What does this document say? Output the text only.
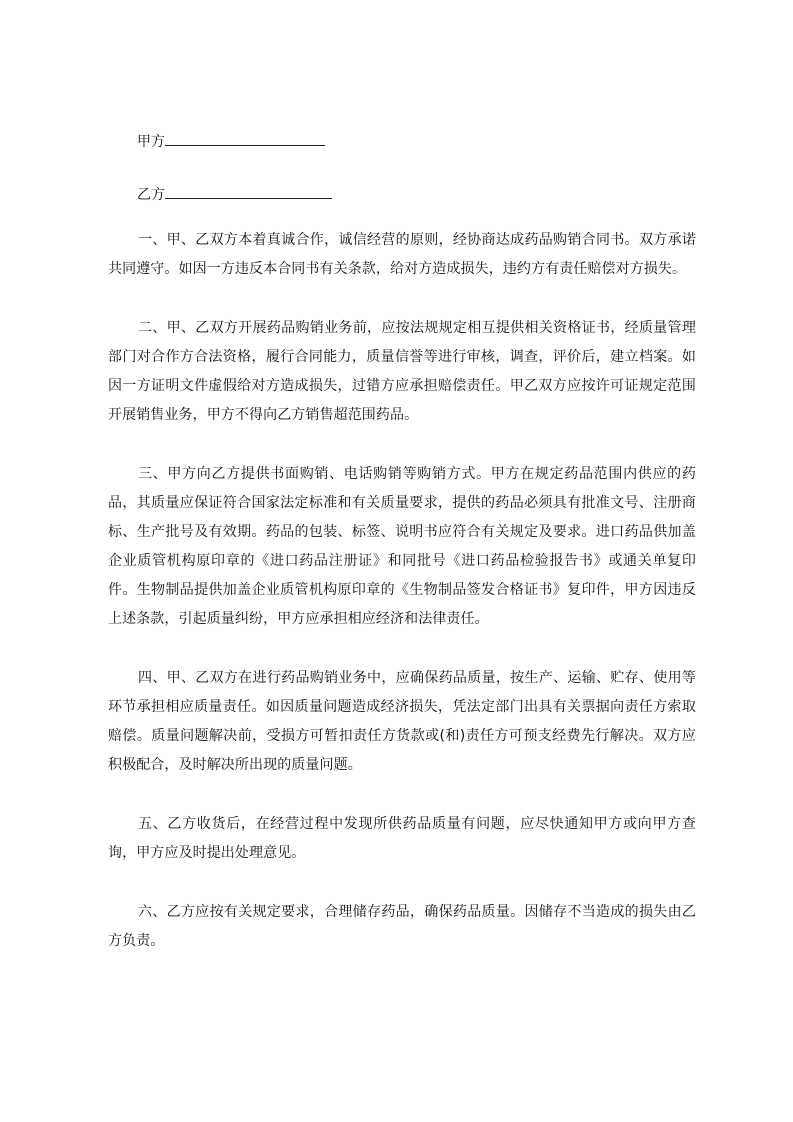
甲方
乙方

一、甲、乙双方本着真诚合作，诚信经营的原则，经协商达成药品购销合同书。双方承诺共同遵守。如因一方违反本合同书有关条款，给对方造成损失，违约方有责任赔偿对方损失。

二、甲、乙双方开展药品购销业务前，应按法规规定相互提供相关资格证书，经质量管理部门对合作方合法资格，履行合同能力，质量信誉等进行审核，调查，评价后，建立档案。如因一方证明文件虚假给对方造成损失，过错方应承担赔偿责任。甲乙双方应按许可证规定范围开展销售业务，甲方不得向乙方销售超范围药品。

三、甲方向乙方提供书面购销、电话购销等购销方式。甲方在规定药品范围内供应的药品，其质量应保证符合国家法定标准和有关质量要求，提供的药品必须具有批准文号、注册商标、生产批号及有效期。药品的包装、标签、说明书应符合有关规定及要求。进口药品供加盖企业质管机构原印章的《进口药品注册证》和同批号《进口药品检验报告书》或通关单复印件。生物制品提供加盖企业质管机构原印章的《生物制品签发合格证书》复印件，甲方因违反上述条款，引起质量纠纷，甲方应承担相应经济和法律责任。

四、甲、乙双方在进行药品购销业务中，应确保药品质量，按生产、运输、贮存、使用等环节承担相应质量责任。如因质量问题造成经济损失，凭法定部门出具有关票据向责任方索取赔偿。质量问题解决前，受损方可暂扣责任方货款或(和)责任方可预支经费先行解决。双方应积极配合，及时解决所出现的质量问题。

五、乙方收货后，在经营过程中发现所供药品质量有问题，应尽快通知甲方或向甲方查询，甲方应及时提出处理意见。

六、乙方应按有关规定要求，合理储存药品，确保药品质量。因储存不当造成的损失由乙方负责。
